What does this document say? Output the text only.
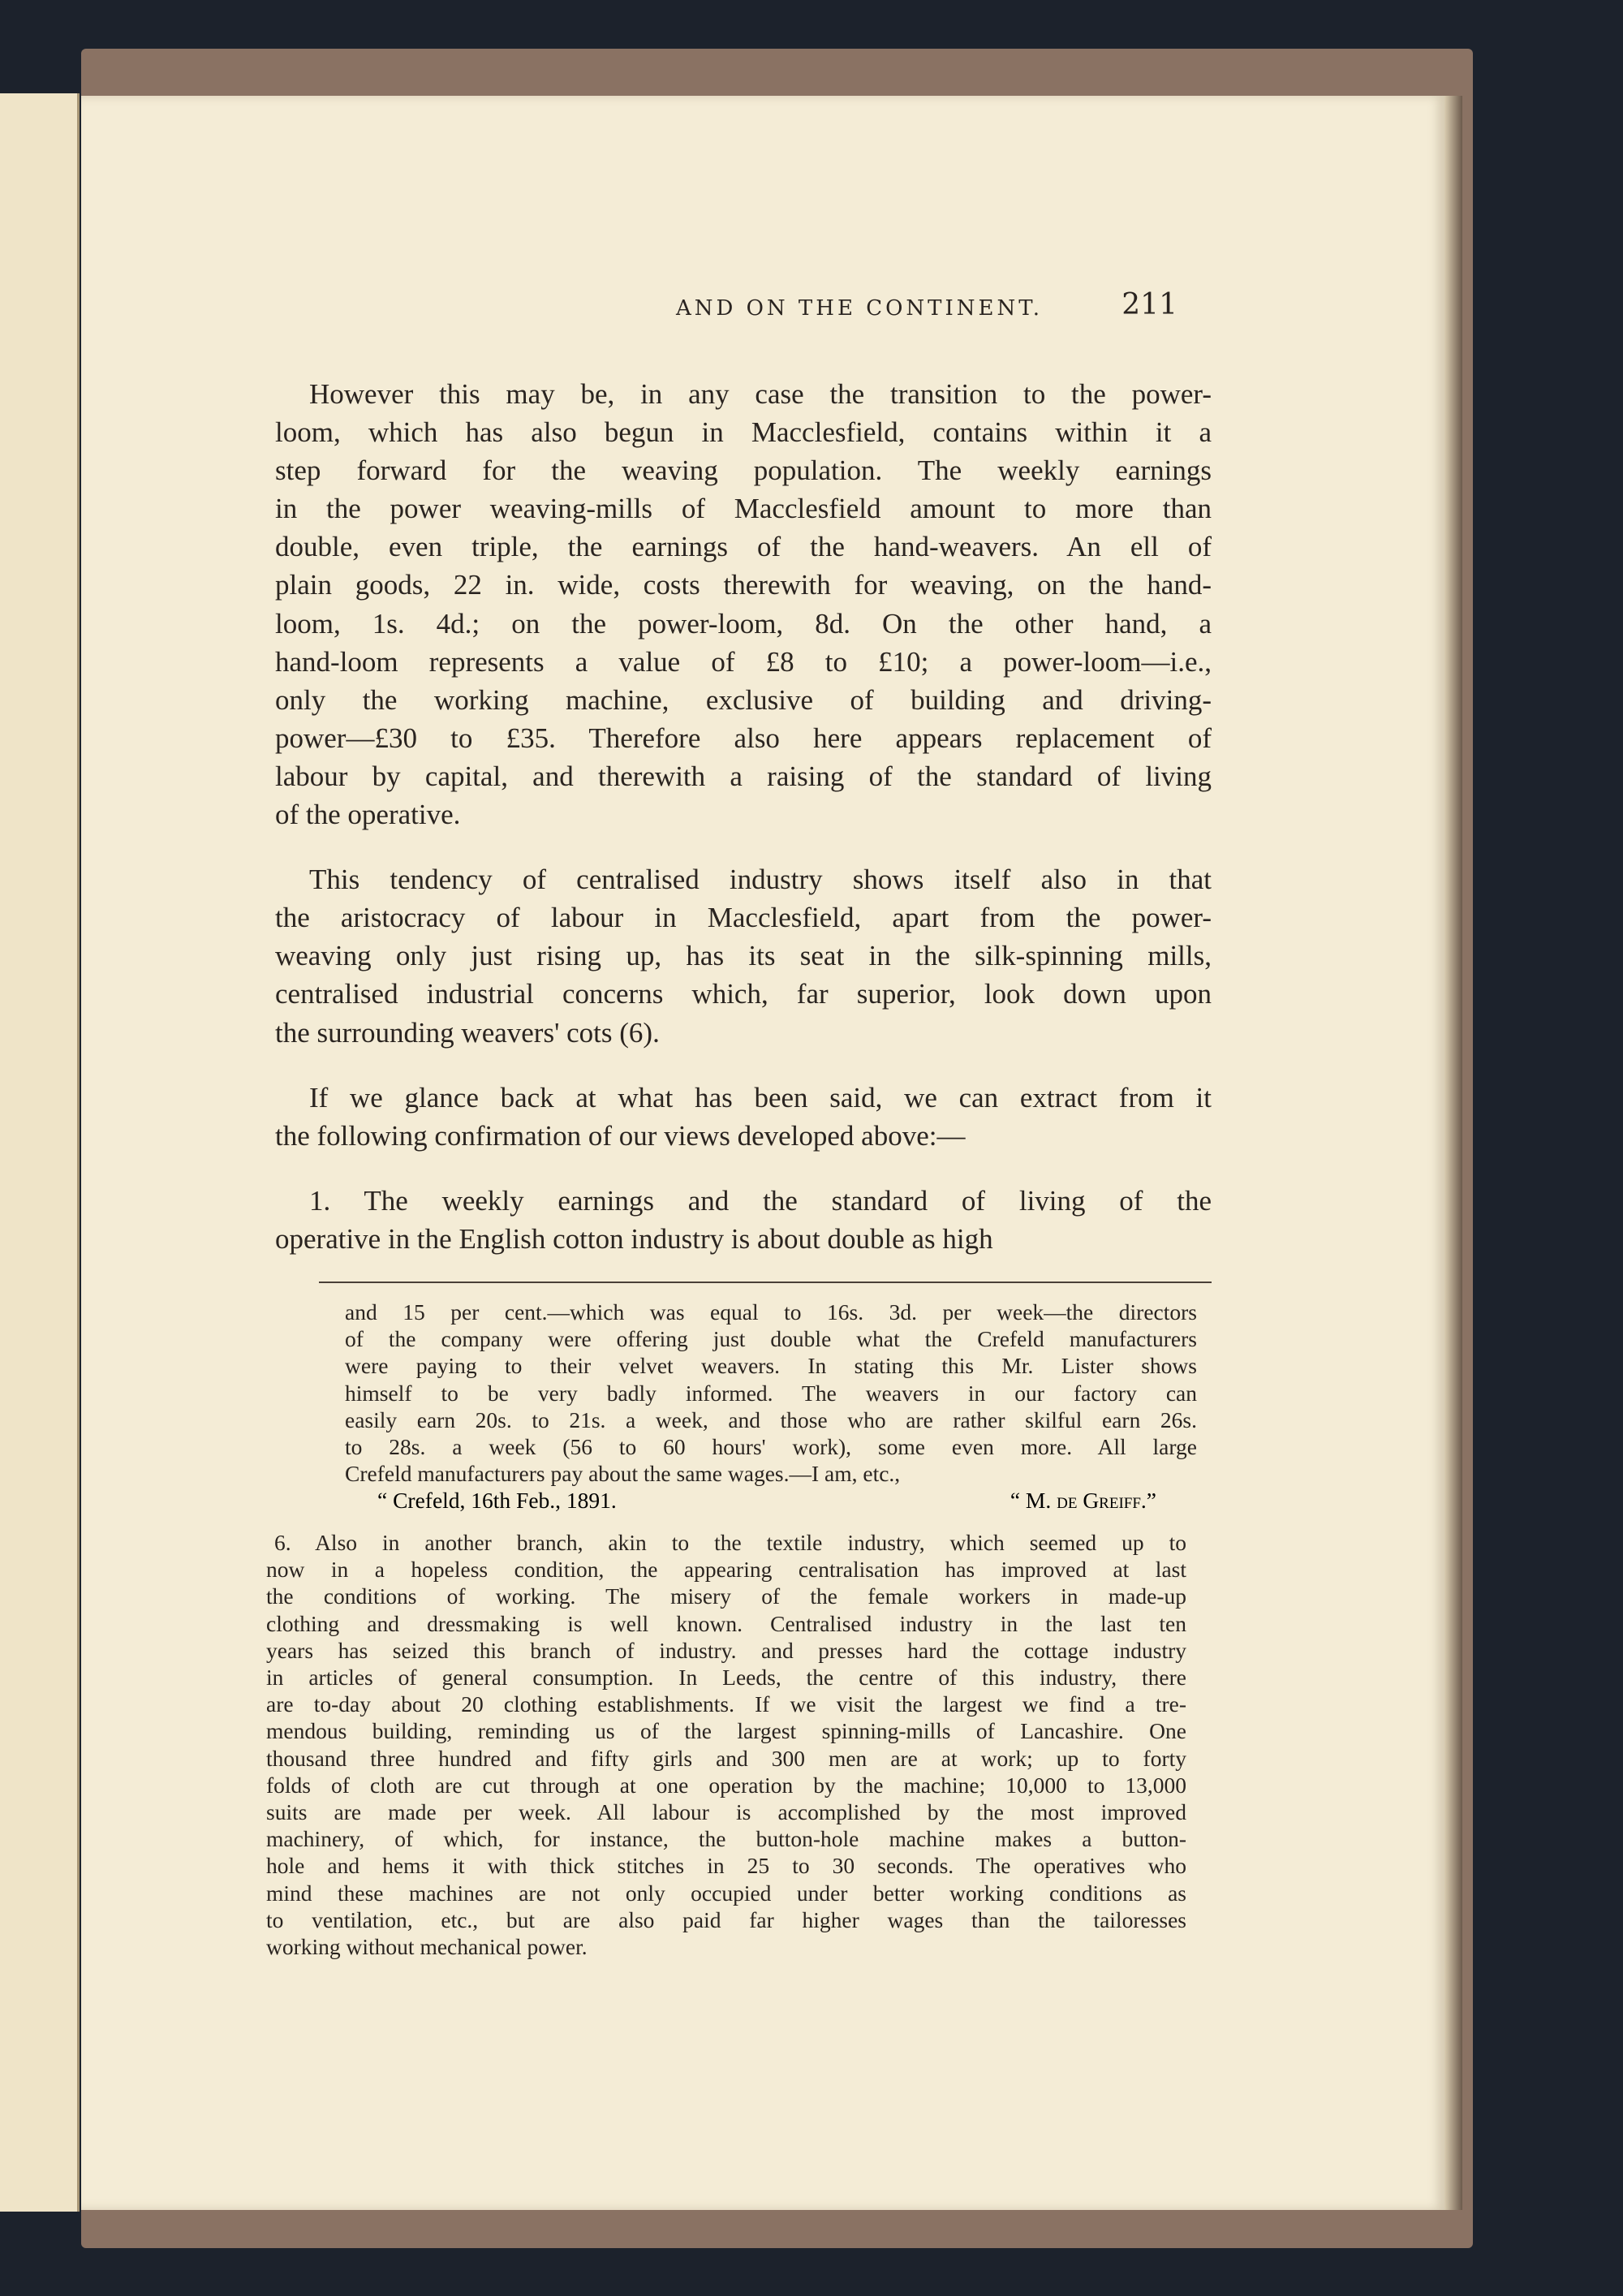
AND ON THE CONTINENT.	211
However this may be, in any case the transition to the power-
loom, which has also begun in Macclesfield, contains within it a
step forward for the weaving population. The weekly earnings
in the power weaving-mills of Macclesfield amount to more than
double, even triple, the earnings of the hand-weavers. An ell of
plain goods, 22 in. wide, costs therewith for weaving, on the hand-
loom, 1s. 4d.; on the power-loom, 8d. On the other hand, a
hand-loom represents a value of £8 to £10; a power-loom—i.e.,
only the working machine, exclusive of building and driving-
power—£30 to £35. Therefore also here appears replacement of
labour by capital, and therewith a raising of the standard of living
of the operative.
This tendency of centralised industry shows itself also in that
the aristocracy of labour in Macclesfield, apart from the power-
weaving only just rising up, has its seat in the silk-spinning mills,
centralised industrial concerns which, far superior, look down upon
the surrounding weavers' cots (6).
If we glance back at what has been said, we can extract from it
the following confirmation of our views developed above:—
1. The weekly earnings and the standard of living of the
operative in the English cotton industry is about double as high
and 15 per cent.—which was equal to 16s. 3d. per week—the directors
of the company were offering just double what the Crefeld manufacturers
were paying to their velvet weavers. In stating this Mr. Lister shows
himself to be very badly informed. The weavers in our factory can
easily earn 20s. to 21s. a week, and those who are rather skilful earn 26s.
to 28s. a week (56 to 60 hours' work), some even more. All large
Crefeld manufacturers pay about the same wages.—I am, etc.,
“ Crefeld, 16th Feb., 1891.	“ M. de Greiff.”
6. Also in another branch, akin to the textile industry, which seemed up to
now in a hopeless condition, the appearing centralisation has improved at last
the conditions of working. The misery of the female workers in made-up
clothing and dressmaking is well known. Centralised industry in the last ten
years has seized this branch of industry. and presses hard the cottage industry
in articles of general consumption. In Leeds, the centre of this industry, there
are to-day about 20 clothing establishments. If we visit the largest we find a tre-
mendous building, reminding us of the largest spinning-mills of Lancashire. One
thousand three hundred and fifty girls and 300 men are at work; up to forty
folds of cloth are cut through at one operation by the machine; 10,000 to 13,000
suits are made per week. All labour is accomplished by the most improved
machinery, of which, for instance, the button-hole machine makes a button-
hole and hems it with thick stitches in 25 to 30 seconds. The operatives who
mind these machines are not only occupied under better working conditions as
to ventilation, etc., but are also paid far higher wages than the tailoresses
working without mechanical power.
